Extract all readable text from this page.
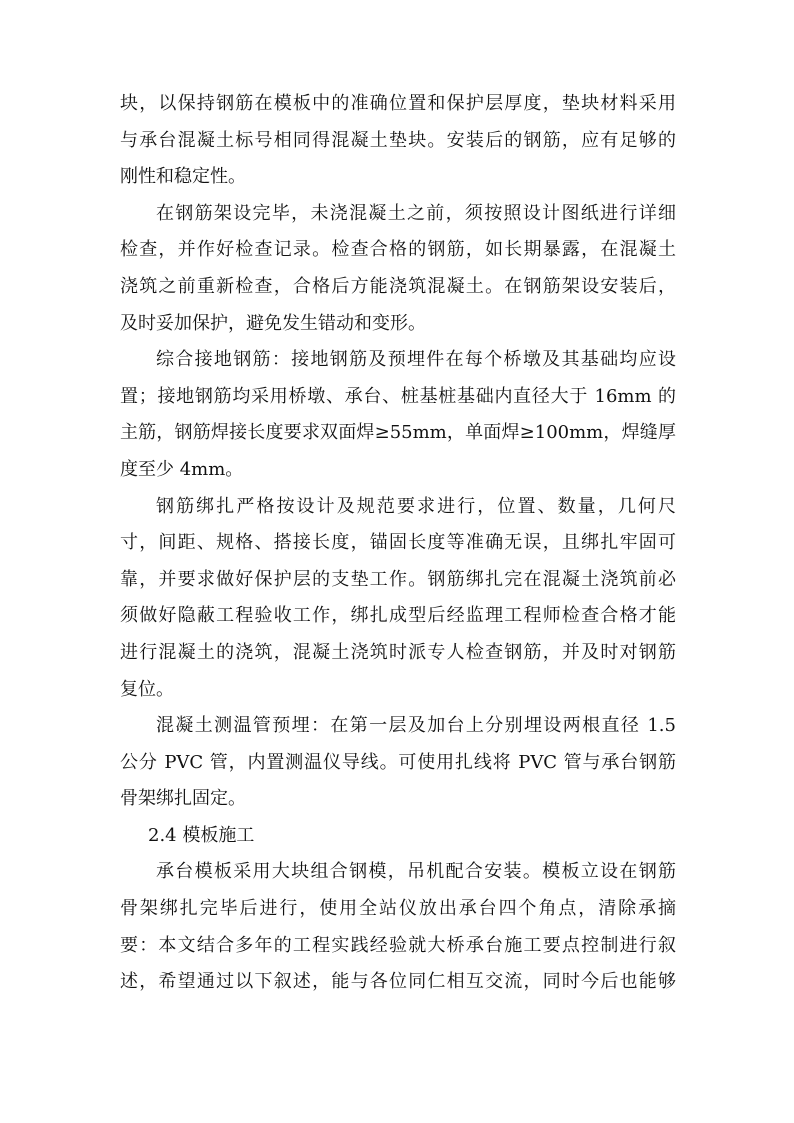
块，以保持钢筋在模板中的准确位置和保护层厚度，垫块材料采用
与承台混凝土标号相同得混凝土垫块。安装后的钢筋，应有足够的
刚性和稳定性。
在钢筋架设完毕，未浇混凝土之前，须按照设计图纸进行详细
检查，并作好检查记录。检查合格的钢筋，如长期暴露，在混凝土
浇筑之前重新检查，合格后方能浇筑混凝土。在钢筋架设安装后，
及时妥加保护，避免发生错动和变形。
综合接地钢筋：接地钢筋及预埋件在每个桥墩及其基础均应设
置；接地钢筋均采用桥墩、承台、桩基桩基础内直径大于 16mm 的
主筋，钢筋焊接长度要求双面焊≥55mm，单面焊≥100mm，焊缝厚
度至少 4mm。
钢筋绑扎严格按设计及规范要求进行，位置、数量，几何尺
寸，间距、规格、搭接长度，锚固长度等准确无误，且绑扎牢固可
靠，并要求做好保护层的支垫工作。钢筋绑扎完在混凝土浇筑前必
须做好隐蔽工程验收工作，绑扎成型后经监理工程师检查合格才能
进行混凝土的浇筑，混凝土浇筑时派专人检查钢筋，并及时对钢筋
复位。
混凝土测温管预埋：在第一层及加台上分别埋设两根直径 1.5
公分 PVC 管，内置测温仪导线。可使用扎线将 PVC 管与承台钢筋
骨架绑扎固定。
2.4 模板施工
承台模板采用大块组合钢模，吊机配合安装。模板立设在钢筋
骨架绑扎完毕后进行，使用全站仪放出承台四个角点，清除承摘
要：本文结合多年的工程实践经验就大桥承台施工要点控制进行叙
述，希望通过以下叙述，能与各位同仁相互交流，同时今后也能够
